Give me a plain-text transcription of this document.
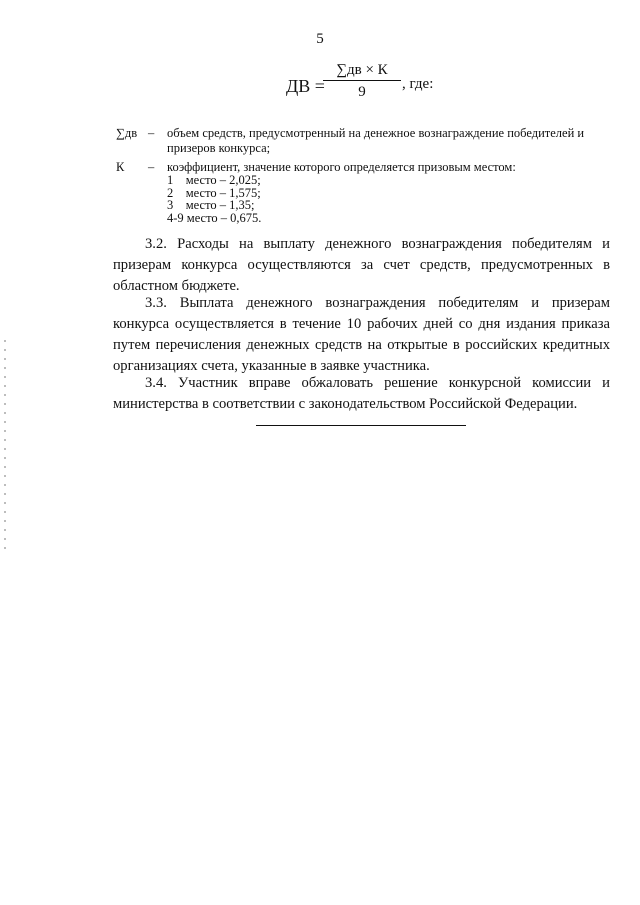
5
ДВ =
∑дв × К
9	, где:
∑дв – объем средств, предусмотренный на денежное вознаграждение победителей и призеров конкурса;
К – коэффициент, значение которого определяется призовым местом:
1    место – 2,025;
2    место – 1,575;
3    место – 1,35;
4-9 место – 0,675.
3.2. Расходы на выплату денежного вознаграждения победителям и призерам конкурса осуществляются за счет средств, предусмотренных в областном бюджете.
3.3. Выплата денежного вознаграждения победителям и призерам конкурса осуществляется в течение 10 рабочих дней со дня издания приказа путем перечисления денежных средств на открытые в российских кредитных организациях счета, указанные в заявке участника.
3.4. Участник вправе обжаловать решение конкурсной комиссии и министерства в соответствии с законодательством Российской Федерации.
